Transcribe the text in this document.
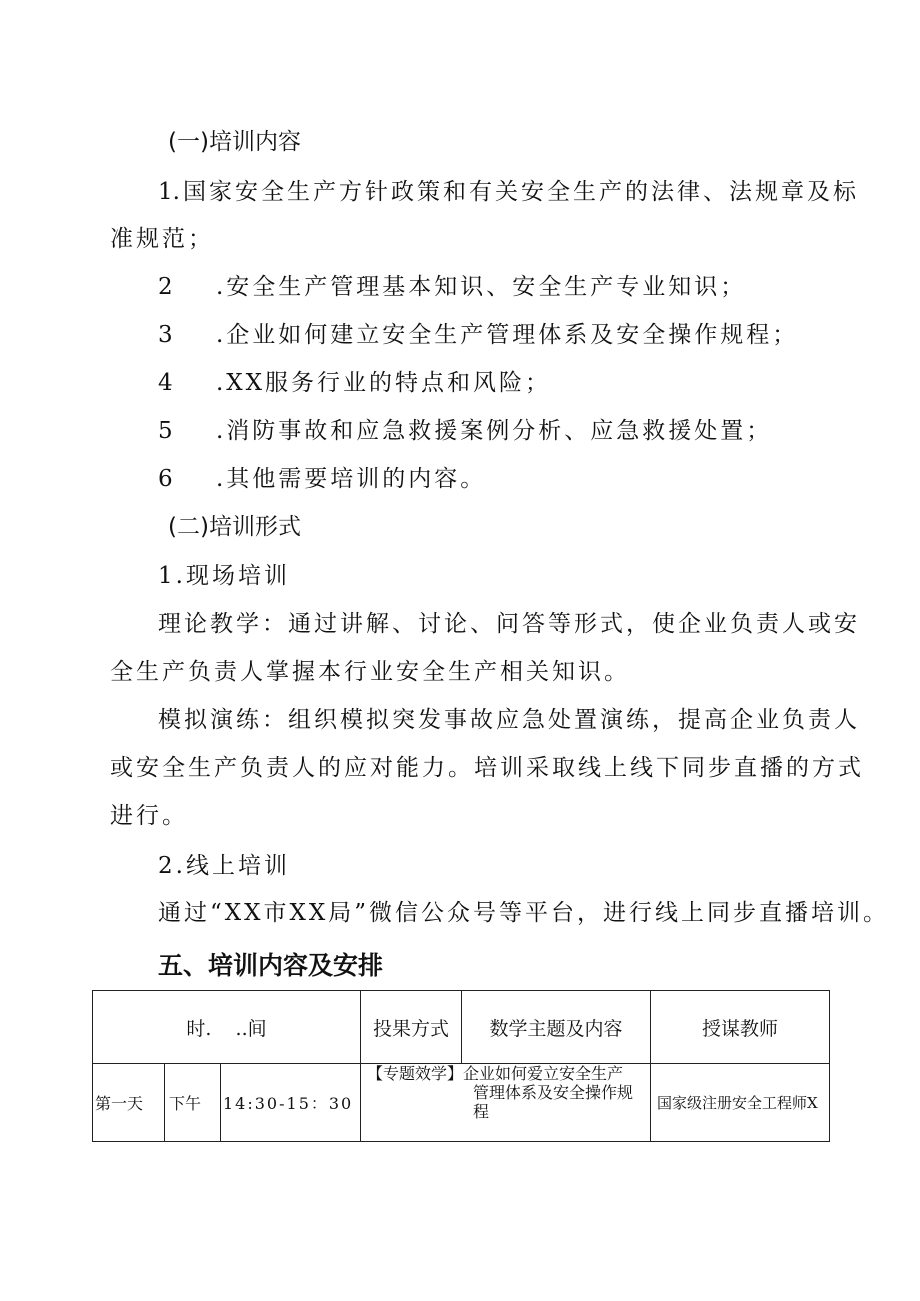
(一)培训内容
1.国家安全生产方针政策和有关安全生产的法律、法规章及标
准规范；
2 .安全生产管理基本知识、安全生产专业知识；
3 .企业如何建立安全生产管理体系及安全操作规程；
4 .XX服务行业的特点和风险；
5 .消防事故和应急救援案例分析、应急救援处置；
6 .其他需要培训的内容。
(二)培训形式
1.现场培训
理论教学：通过讲解、讨论、问答等形式，使企业负责人或安
全生产负责人掌握本行业安全生产相关知识。
模拟演练：组织模拟突发事故应急处置演练，提高企业负责人
或安全生产负责人的应对能力。培训采取线上线下同步直播的方式
进行。
2.线上培训
通过“XX市XX局”微信公众号等平台，进行线上同步直播培训。
五、培训内容及安排
时.    ..间			投果方式	数学主题及内容	授谋教师
第一天	下午	14:30-15：30	【专题效学】企业如何爱立安全生产
管理体系及安全操作规
程		国家级注册安全工程师X
